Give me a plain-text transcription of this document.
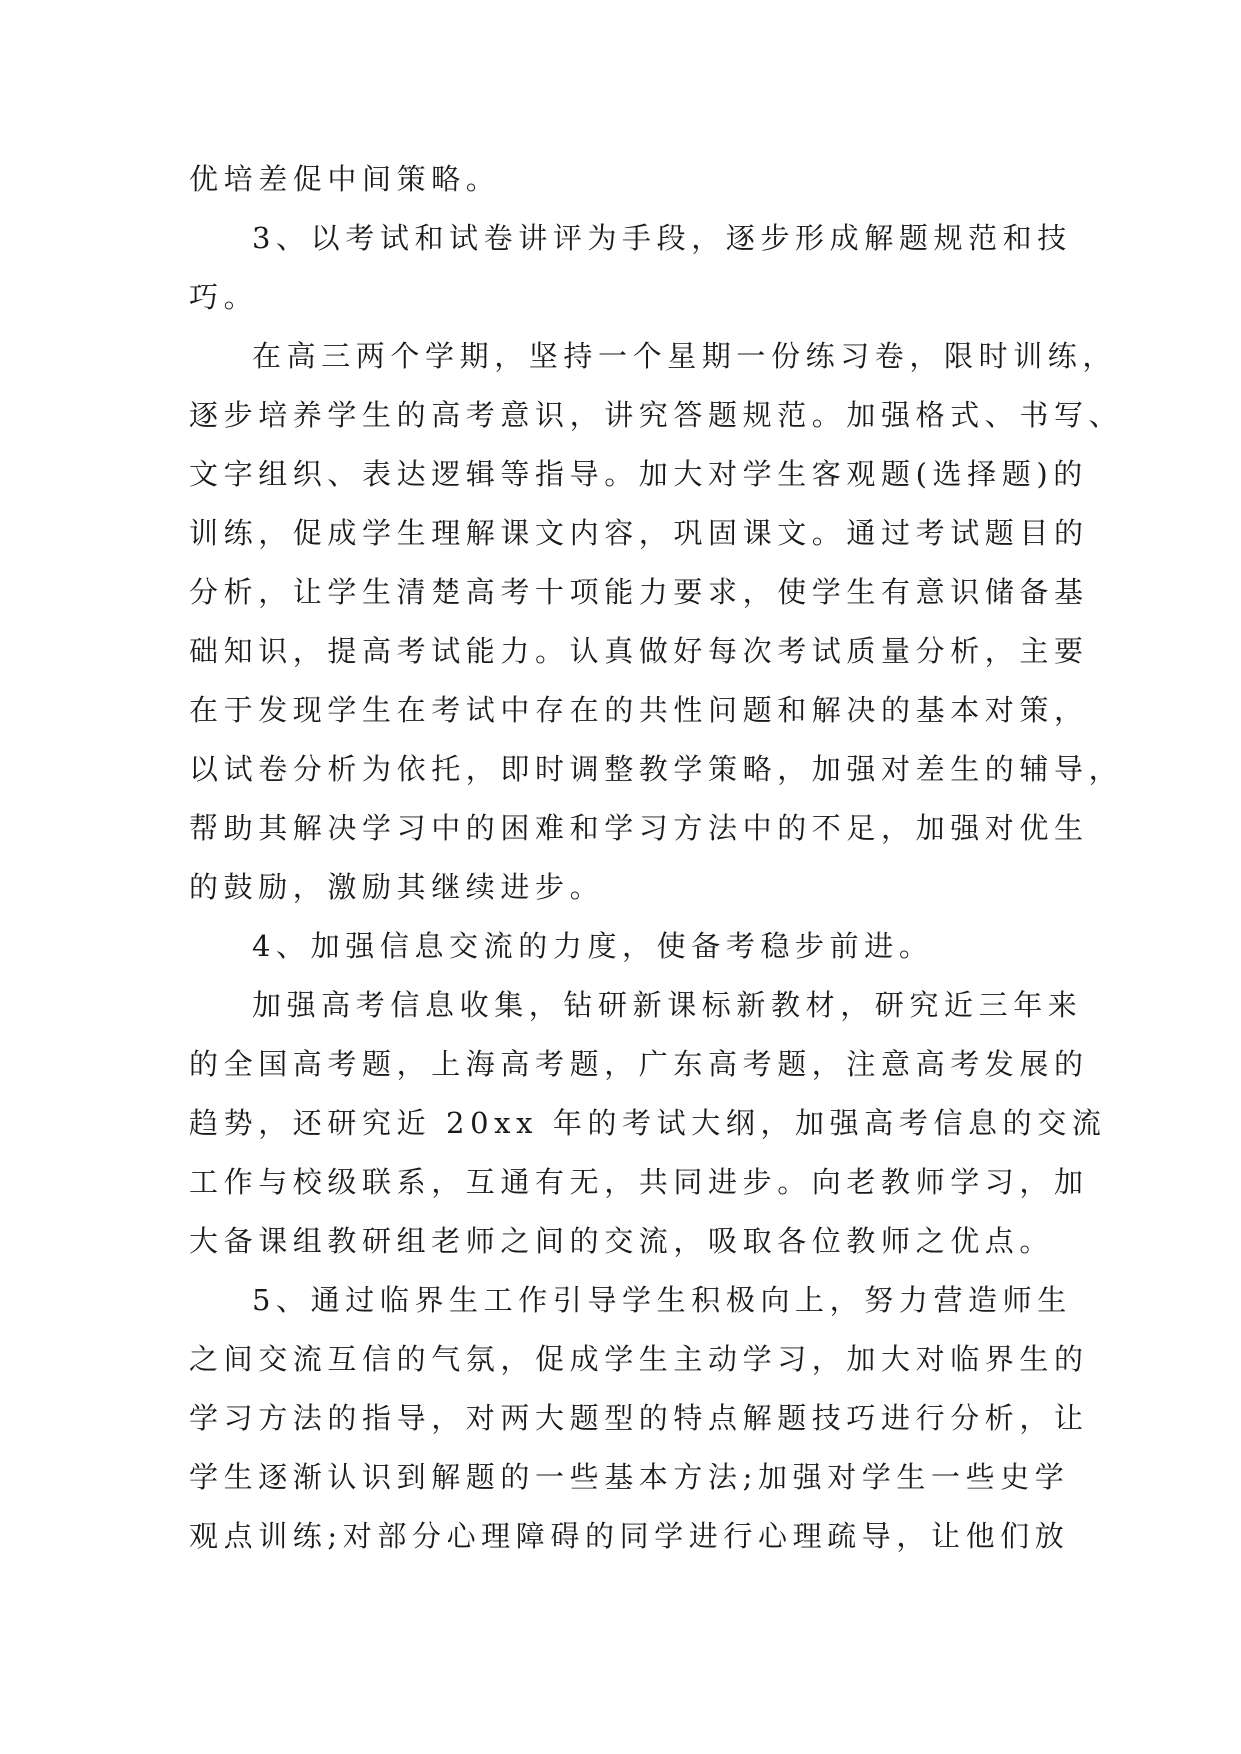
优培差促中间策略。
3、以考试和试卷讲评为手段，逐步形成解题规范和技
巧。
在高三两个学期，坚持一个星期一份练习卷，限时训练，
逐步培养学生的高考意识，讲究答题规范。加强格式、书写、
文字组织、表达逻辑等指导。加大对学生客观题(选择题)的
训练，促成学生理解课文内容，巩固课文。通过考试题目的
分析，让学生清楚高考十项能力要求，使学生有意识储备基
础知识，提高考试能力。认真做好每次考试质量分析，主要
在于发现学生在考试中存在的共性问题和解决的基本对策，
以试卷分析为依托，即时调整教学策略，加强对差生的辅导，
帮助其解决学习中的困难和学习方法中的不足，加强对优生
的鼓励，激励其继续进步。
4、加强信息交流的力度，使备考稳步前进。
加强高考信息收集，钻研新课标新教材，研究近三年来
的全国高考题，上海高考题，广东高考题，注意高考发展的
趋势，还研究近 20xx 年的考试大纲，加强高考信息的交流
工作与校级联系，互通有无，共同进步。向老教师学习，加
大备课组教研组老师之间的交流，吸取各位教师之优点。
5、通过临界生工作引导学生积极向上，努力营造师生
之间交流互信的气氛，促成学生主动学习，加大对临界生的
学习方法的指导，对两大题型的特点解题技巧进行分析，让
学生逐渐认识到解题的一些基本方法;加强对学生一些史学
观点训练;对部分心理障碍的同学进行心理疏导，让他们放
